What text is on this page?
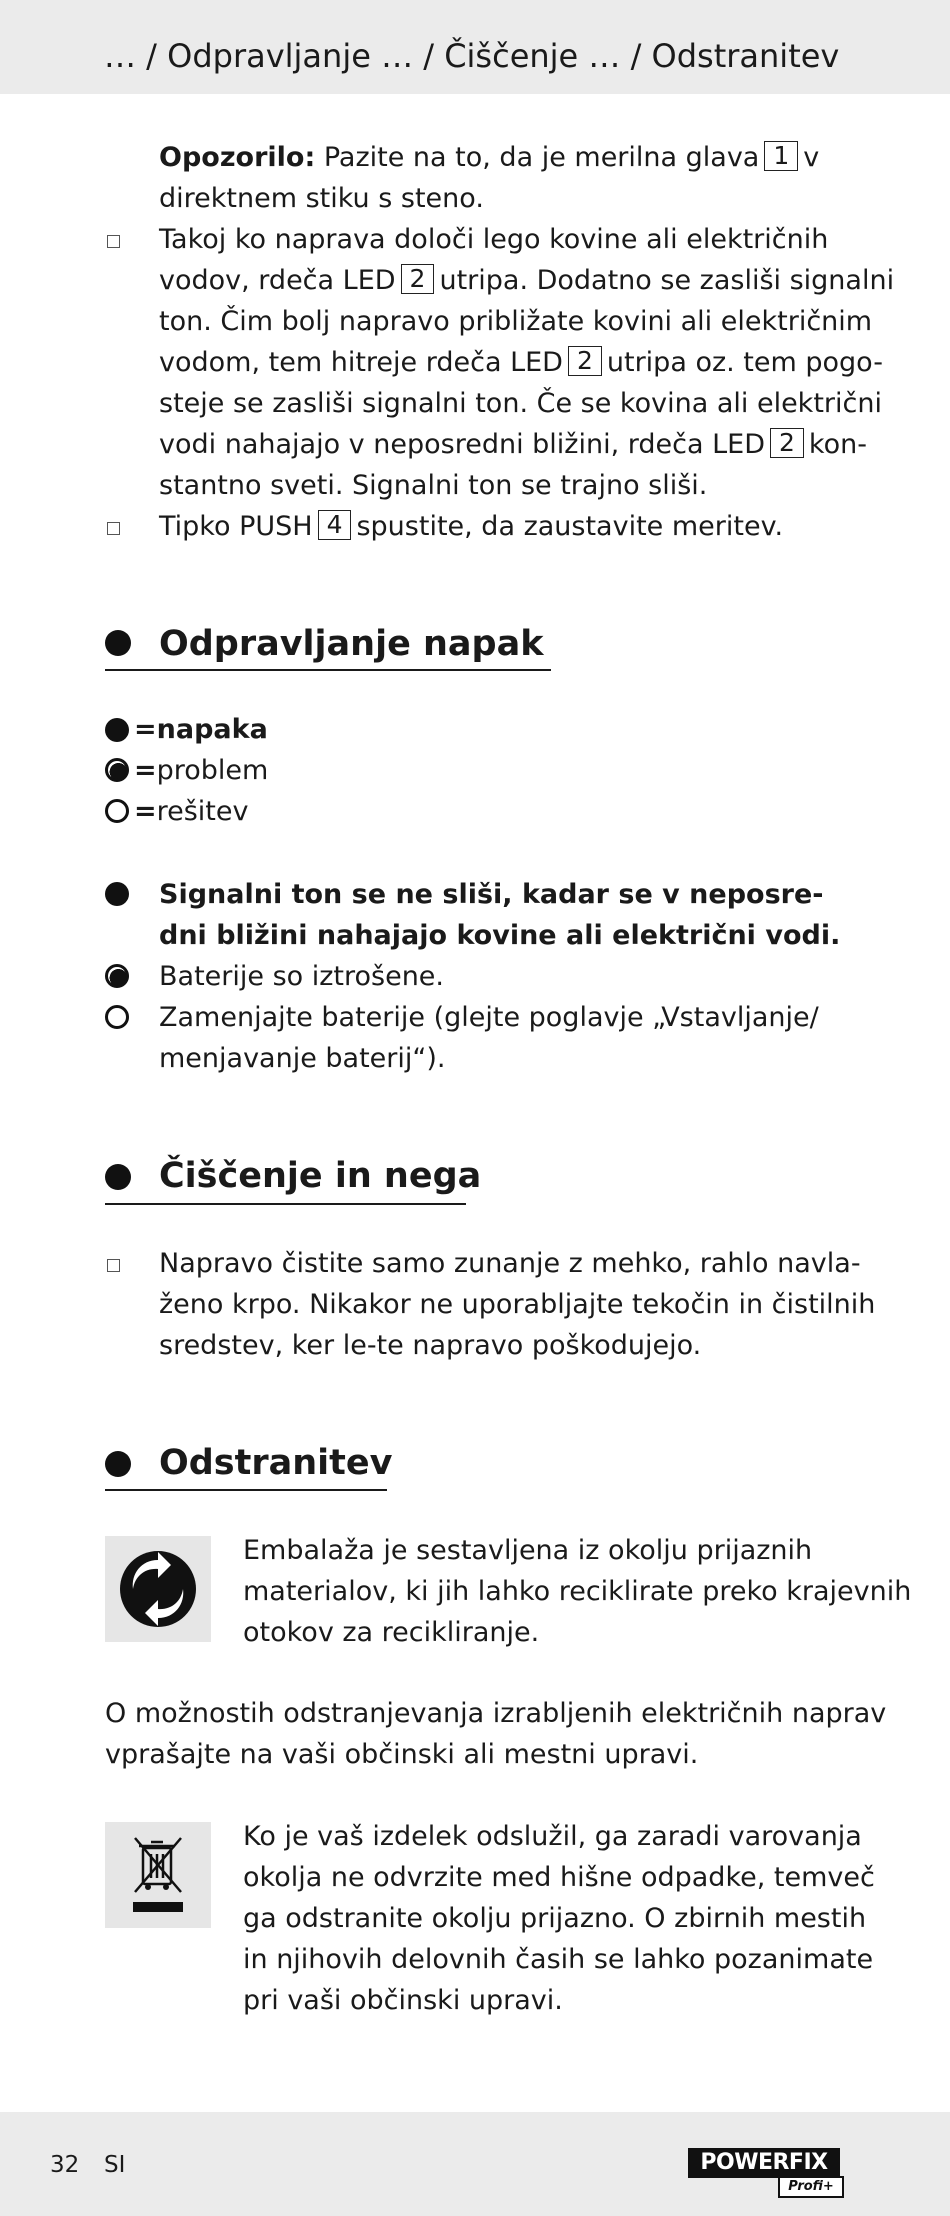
… / Odpravljanje … / Čiščenje … / Odstranitev
Opozorilo: Pazite na to, da je merilna glava 1 v
direktnem stiku s steno.
Takoj ko naprava določi lego kovine ali električnih
vodov, rdeča LED 2 utripa. Dodatno se zasliši signalni
ton. Čim bolj napravo približate kovini ali električnim
vodom, tem hitreje rdeča LED 2 utripa oz. tem pogo-
steje se zasliši signalni ton. Če se kovina ali električni
vodi nahajajo v neposredni bližini, rdeča LED 2 kon-
stantno sveti. Signalni ton se trajno sliši.
Tipko PUSH 4 spustite, da zaustavite meritev.
Odpravljanje napak
=napaka
=problem
=rešitev
Signalni ton se ne sliši, kadar se v neposre-
dni bližini nahajajo kovine ali električni vodi.
Baterije so iztrošene.
Zamenjajte baterije (glejte poglavje „Vstavljanje/
menjavanje baterij“).
Čiščenje in nega
Napravo čistite samo zunanje z mehko, rahlo navla-
ženo krpo. Nikakor ne uporabljajte tekočin in čistilnih
sredstev, ker le-te napravo poškodujejo.
Odstranitev
Embalaža je sestavljena iz okolju prijaznih
materialov, ki jih lahko reciklirate preko krajevnih
otokov za recikliranje.
O možnostih odstranjevanja izrabljenih električnih naprav
vprašajte na vaši občinski ali mestni upravi.
Ko je vaš izdelek odslužil, ga zaradi varovanja
okolja ne odvrzite med hišne odpadke, temveč
ga odstranite okolju prijazno. O zbirnih mestih
in njihovih delovnih časih se lahko pozanimate
pri vaši občinski upravi.
32 SI	POWERFIX
Profi+
